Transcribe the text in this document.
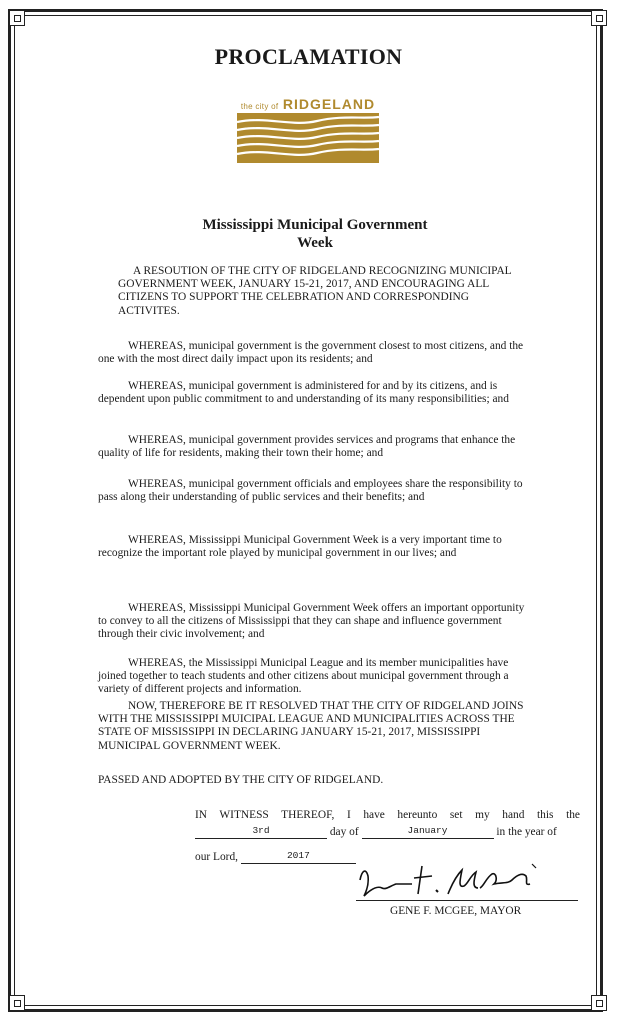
PROCLAMATION
the city of RIDGELAND
Mississippi Municipal Government
Week

A RESOUTION OF THE CITY OF RIDGELAND RECOGNIZING MUNICIPAL GOVERNMENT WEEK, JANUARY 15-21, 2017, AND ENCOURAGING ALL CITIZENS TO SUPPORT THE CELEBRATION AND CORRESPONDING ACTIVITES.

WHEREAS, municipal government is the government closest to most citizens, and the one with the most direct daily impact upon its residents; and

WHEREAS, municipal government is administered for and by its citizens, and is dependent upon public commitment to and understanding of its many responsibilities; and

WHEREAS, municipal government provides services and programs that enhance the quality of life for residents, making their town their home; and

WHEREAS, municipal government officials and employees share the responsibility to pass along their understanding of public services and their benefits; and

WHEREAS, Mississippi Municipal Government Week is a very important time to recognize the important role played by municipal government in our lives; and

WHEREAS, Mississippi Municipal Government Week offers an important opportunity to convey to all the citizens of Mississippi that they can shape and influence government through their civic involvement; and

WHEREAS, the Mississippi Municipal League and its member municipalities have joined together to teach students and other citizens about municipal government through a variety of different projects and information.

NOW, THEREFORE BE IT RESOLVED THAT THE CITY OF RIDGELAND JOINS WITH THE MISSISSIPPI MUICIPAL LEAGUE AND MUNICIPALITIES ACROSS THE STATE OF MISSISSIPPI IN DECLARING JANUARY 15-21, 2017, MISSISSIPPI MUNICIPAL GOVERNMENT WEEK.

PASSED AND ADOPTED BY THE CITY OF RIDGELAND.

IN WITNESS THEREOF, I have hereunto set my hand this the
3rd	day of	January	in the year of
our Lord,	2017
GENE F. MCGEE, MAYOR
